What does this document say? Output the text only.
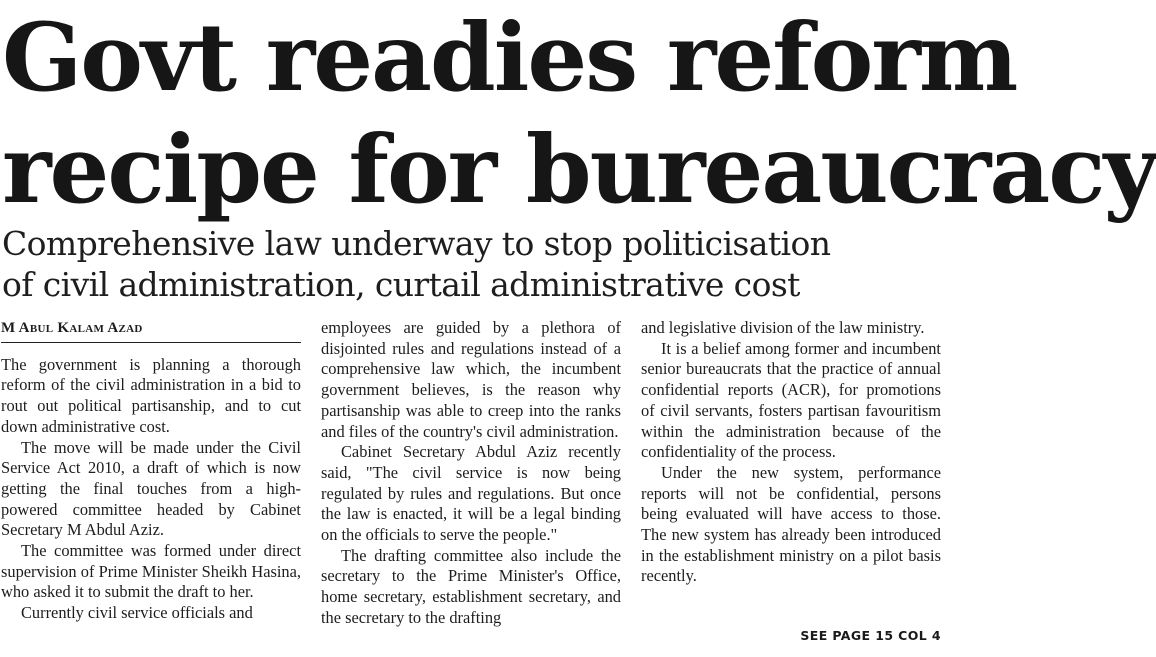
Govt readies reform
recipe for bureaucracy
Comprehensive law underway to stop politicisation
of civil administration, curtail administrative cost
M Abul Kalam Azad

The government is planning a thorough reform of the civil administration in a bid to rout out political partisanship, and to cut down administrative cost.

The move will be made under the Civil Service Act 2010, a draft of which is now getting the final touches from a high-powered committee headed by Cabinet Secretary M Abdul Aziz.

The committee was formed under direct supervision of Prime Minister Sheikh Hasina, who asked it to submit the draft to her.

Currently civil service officials and

employees are guided by a plethora of disjointed rules and regulations instead of a comprehensive law which, the incumbent government believes, is the reason why partisanship was able to creep into the ranks and files of the country's civil administration.

Cabinet Secretary Abdul Aziz recently said, "The civil service is now being regulated by rules and regulations. But once the law is enacted, it will be a legal binding on the officials to serve the people."

The drafting committee also include the secretary to the Prime Minister's Office, home secretary, establishment secretary, and the secretary to the drafting

and legislative division of the law ministry.

It is a belief among former and incumbent senior bureaucrats that the practice of annual confidential reports (ACR), for promotions of civil servants, fosters partisan favouritism within the administration because of the confidentiality of the process.

Under the new system, performance reports will not be confidential, persons being evaluated will have access to those. The new system has already been introduced in the establishment ministry on a pilot basis recently.

SEE PAGE 15 COL 4
